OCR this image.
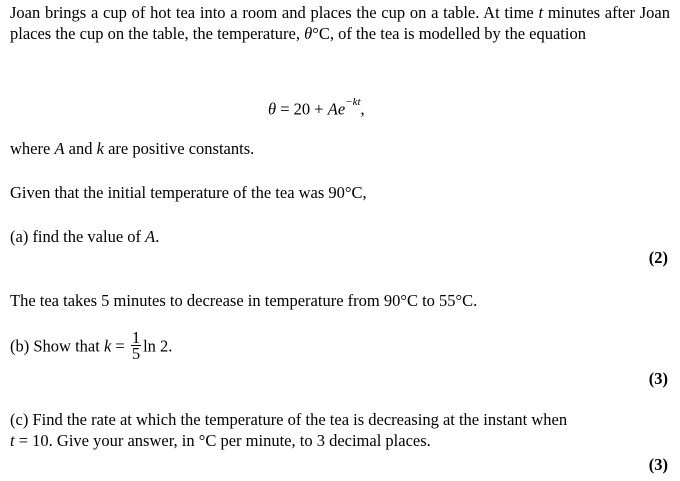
Joan brings a cup of hot tea into a room and places the cup on a table. At time t minutes after Joan places the cup on the table, the temperature, θ°C, of the tea is modelled by the equation
$\theta = 20 + Ae^{-kt}$,
where A and k are positive constants.
Given that the initial temperature of the tea was 90°C,
(a) find the value of A.
(2)
The tea takes 5 minutes to decrease in temperature from 90°C to 55°C.
(b) Show that $k = \frac{1}{5}$ ln 2.
(3)
(c) Find the rate at which the temperature of the tea is decreasing at the instant when
t = 10. Give your answer, in °C per minute, to 3 decimal places.
(3)
